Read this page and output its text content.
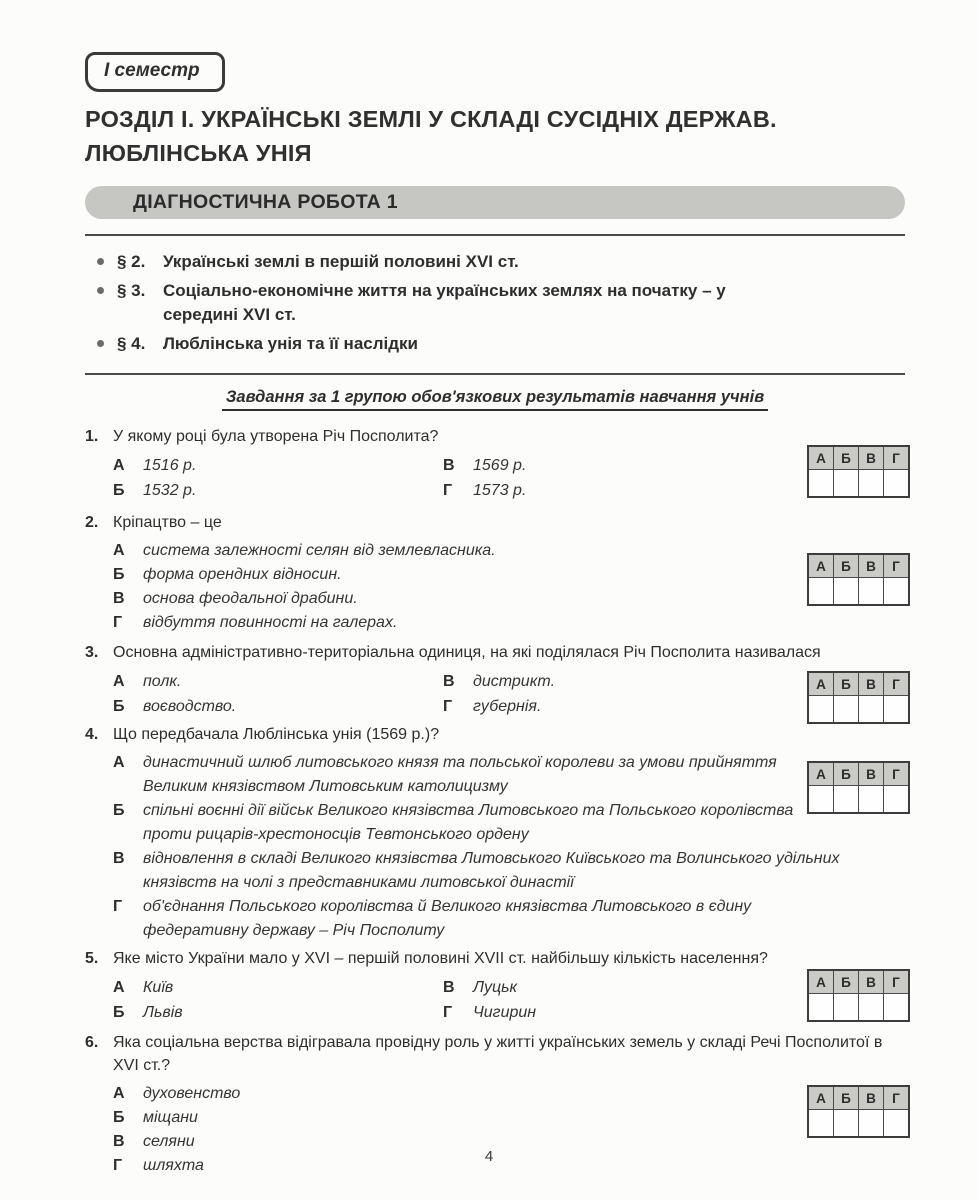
І семестр
РОЗДІЛ І. УКРАЇНСЬКІ ЗЕМЛІ У СКЛАДІ СУСІДНІХ ДЕРЖАВ.
ЛЮБЛІНСЬКА УНІЯ
ДІАГНОСТИЧНА РОБОТА 1
§ 2.	Українські землі в першій половині XVI ст.
§ 3.	Соціально-економічне життя на українських землях на початку – у середині XVI ст.
§ 4.	Люблінська унія та її наслідки
Завдання за 1 групою обов'язкових результатів навчання учнів
1. У якому році була утворена Річ Посполита?
А	1516 р.	В	1569 р.
Б	1532 р.	Г	1573 р.
А	Б	В	Г

2. Кріпацтво – це
А	система залежності селян від землевласника.
Б	форма орендних відносин.
В	основа феодальної драбини.
Г	відбуття повинності на галерах.
А	Б	В	Г

3. Основна адміністративно-територіальна одиниця, на які поділялася Річ Посполита називалася
А	полк.	В	дистрикт.
Б	воєводство.	Г	губернія.
А	Б	В	Г

4. Що передбачала Люблінська унія (1569 р.)?
А	династичний шлюб литовського князя та польської королеви за умови прийняття Великим князівством Литовським католицизму
Б	спільні воєнні дії військ Великого князівства Литовського та Польського королівства проти рицарів-хрестоносців Тевтонського ордену
В	відновлення в складі Великого князівства Литовського Київського та Волинського удільних князівств на чолі з представниками литовської династії
Г	об'єднання Польського королівства й Великого князівства Литовського в єдину федеративну державу – Річ Посполиту
А	Б	В	Г

5. Яке місто України мало у XVI – першій половині XVII ст. найбільшу кількість населення?
А	Київ	В	Луцьк
Б	Львів	Г	Чигирин
А	Б	В	Г

6. Яка соціальна верства відігравала провідну роль у житті українських земель у складі Речі Посполитої в XVI ст.?
А	духовенство
Б	міщани
В	селяни
Г	шляхта
А	Б	В	Г

4
